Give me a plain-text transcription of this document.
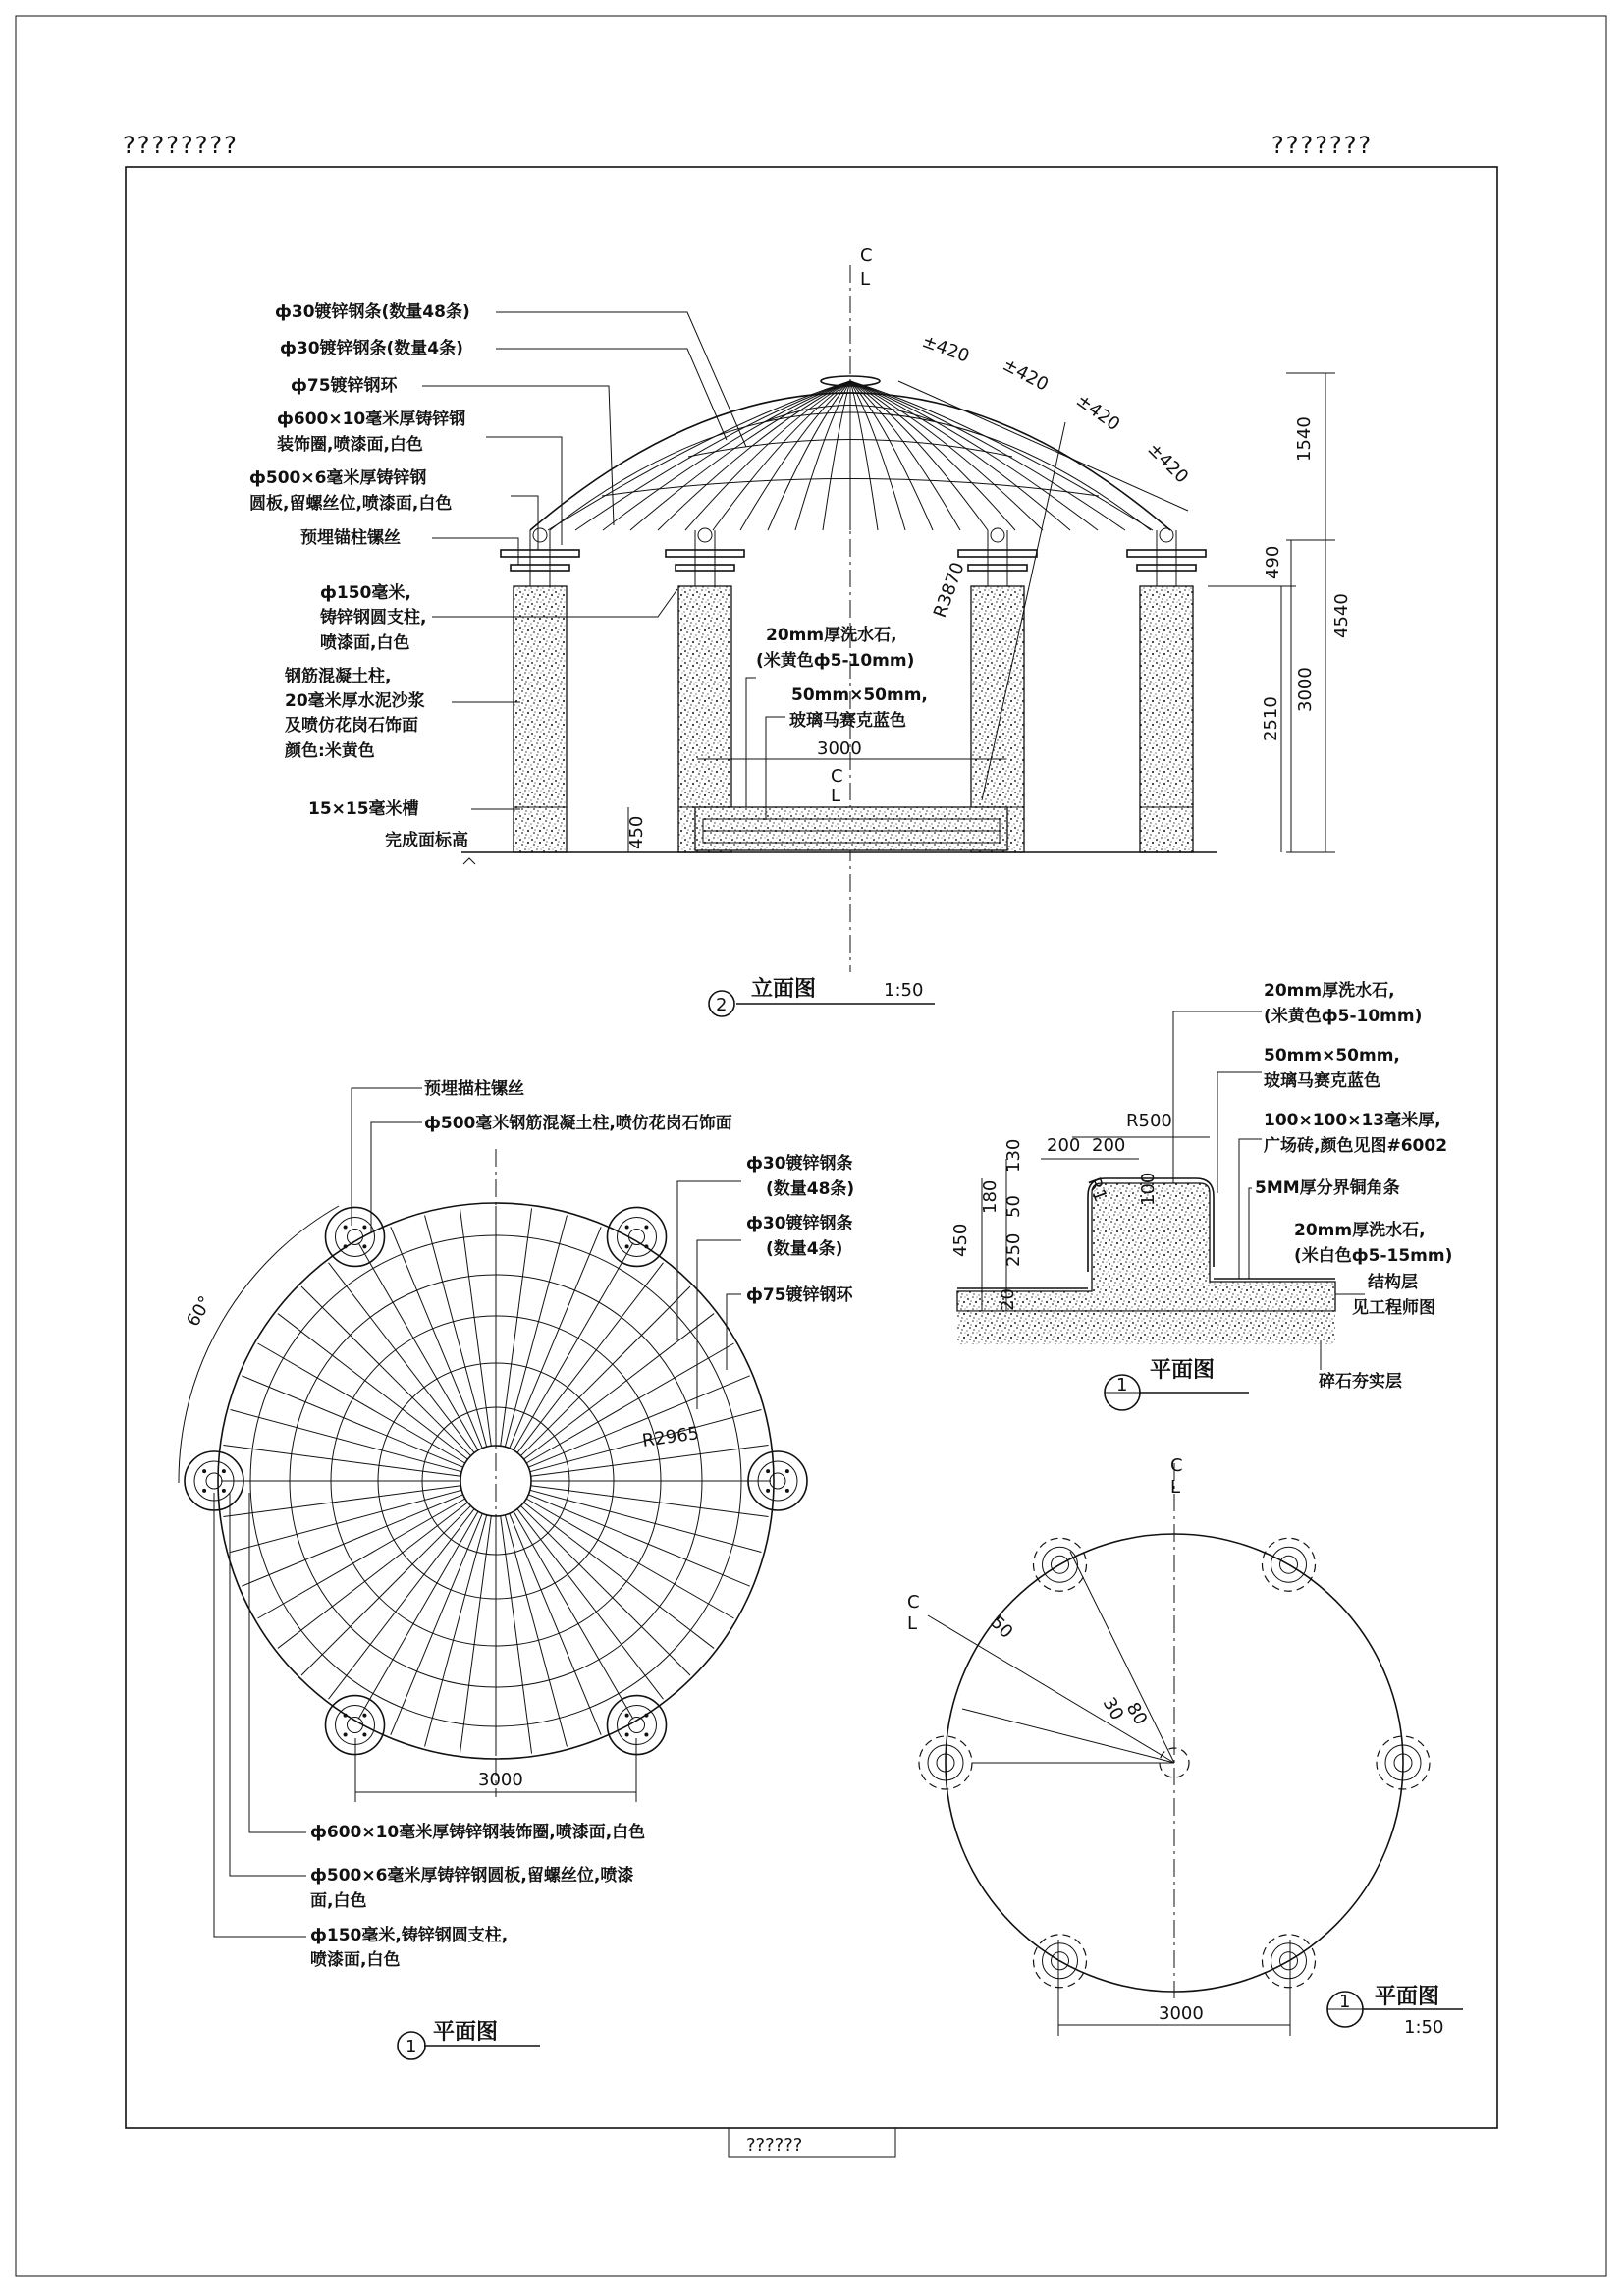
????????	???????
??????
C
L
C
L
ф30镀锌钢条(数量48条)
ф30镀锌钢条(数量4条)
ф75镀锌钢环
ф600×10毫米厚铸锌钢
装饰圈,喷漆面,白色
ф500×6毫米厚铸锌钢
圆板,留螺丝位,喷漆面,白色
预埋锚柱镙丝
ф150毫米,
铸锌钢圆支柱,
喷漆面,白色
钢筋混凝土柱,
20毫米厚水泥沙浆
及喷仿花岗石饰面
颜色:米黄色
15×15毫米槽
完成面标高
20mm厚洗水石,
(米黄色ф5-10mm)
50mm×50mm,
玻璃马赛克蓝色
±420
±420
±420
±420
R3870
1540
4540
490
3000
2510
450
3000
2
立面图	1:50
R500
200 200
R1 100
130
180 50
250
450
20
20mm厚洗水石,
(米黄色ф5-10mm)
50mm×50mm,
玻璃马赛克蓝色
100×100×13毫米厚,
广场砖,颜色见图#6002
5MM厚分界铜角条
20mm厚洗水石,
(米白色ф5-15mm)
结构层
见工程师图
碎石夯实层
1
平面图
60°
R2965
3000
预埋描柱镙丝
ф500毫米钢筋混凝土柱,喷仿花岗石饰面
ф30镀锌钢条
(数量48条)
ф30镀锌钢条
(数量4条)
ф75镀锌钢环
ф600×10毫米厚铸锌钢装饰圈,喷漆面,白色
ф500×6毫米厚铸锌钢圆板,留螺丝位,喷漆
面,白色
ф150毫米,铸锌钢圆支柱,
喷漆面,白色
1
平面图
C
L
C
L	50
30
80
3000
1 平面图
1:50
